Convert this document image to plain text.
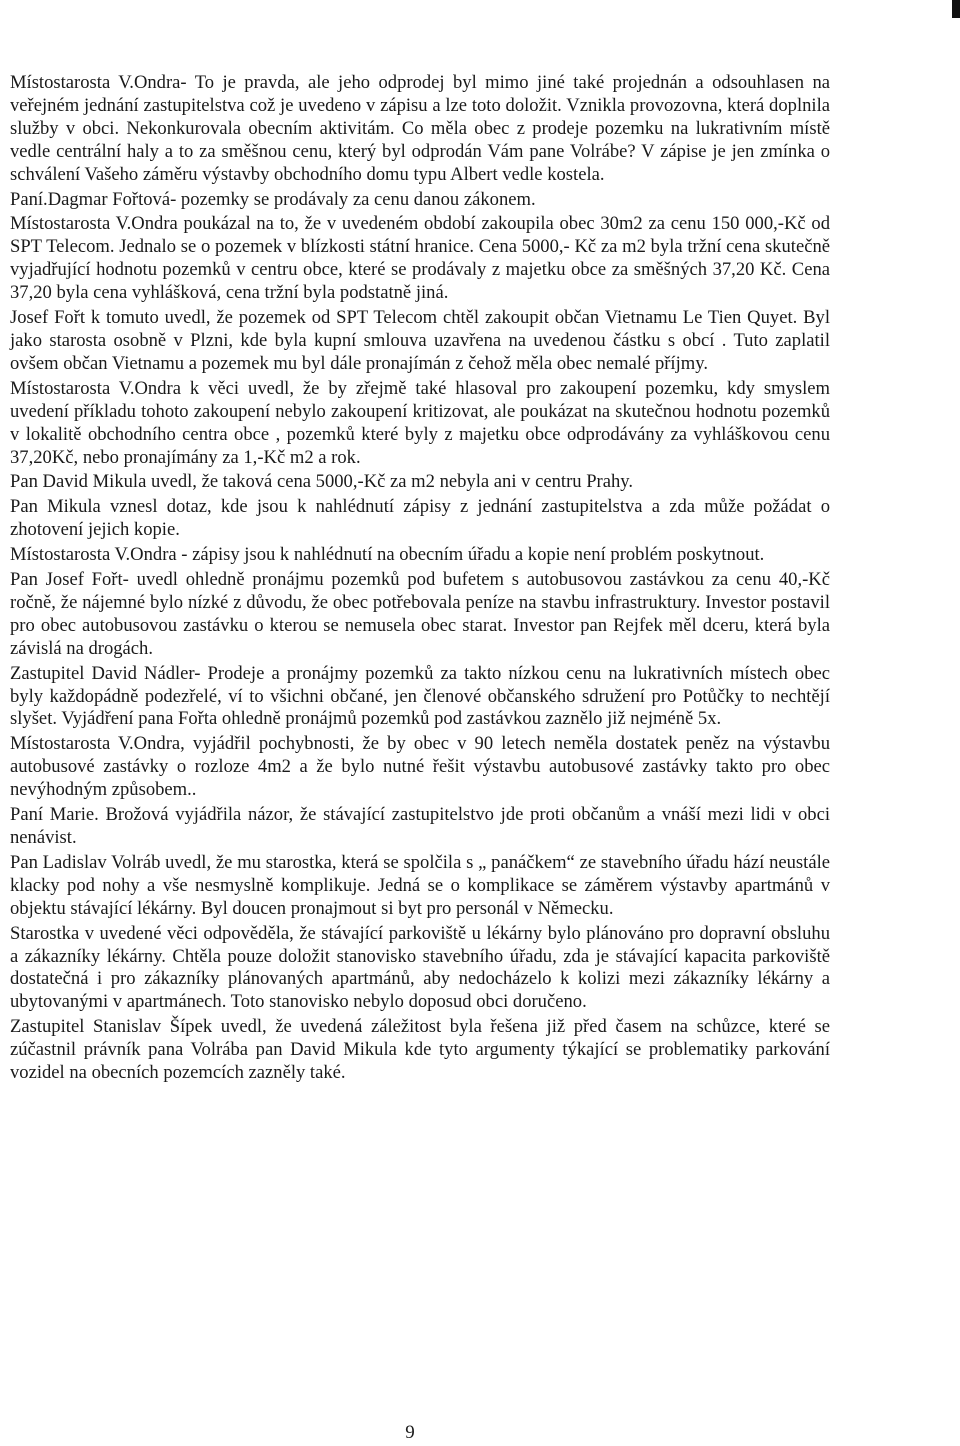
Místostarosta V.Ondra- To je pravda, ale jeho odprodej byl mimo jiné také projednán a odsouhlasen na veřejném jednání zastupitelstva což je uvedeno v zápisu a lze toto doložit. Vznikla provozovna, která doplnila služby v obci. Nekonkurovala obecním aktivitám. Co měla obec z prodeje pozemku na lukrativním místě vedle centrální haly a to za směšnou cenu, který byl odprodán Vám pane Volrábe? V zápise je jen zmínka o schválení Vašeho záměru výstavby obchodního domu typu Albert vedle kostela.

Paní.Dagmar Fořtová- pozemky se prodávaly za cenu danou zákonem.

Místostarosta V.Ondra poukázal na to, že v uvedeném období zakoupila obec 30m2 za cenu 150 000,-Kč od SPT Telecom. Jednalo se o pozemek v blízkosti státní hranice. Cena 5000,- Kč za m2 byla tržní cena skutečně vyjadřující hodnotu pozemků v centru obce, které se prodávaly z majetku obce za směšných 37,20 Kč. Cena 37,20 byla cena vyhlášková, cena tržní byla podstatně jiná.

Josef Fořt k tomuto uvedl, že pozemek od SPT Telecom chtěl zakoupit občan Vietnamu Le Tien Quyet. Byl jako starosta osobně v Plzni, kde byla kupní smlouva uzavřena na uvedenou částku s obcí . Tuto zaplatil ovšem občan Vietnamu a pozemek mu byl dále pronajímán z čehož měla obec nemalé příjmy.

Místostarosta V.Ondra k věci uvedl, že by zřejmě také hlasoval pro zakoupení pozemku, kdy smyslem uvedení příkladu tohoto zakoupení nebylo zakoupení kritizovat, ale poukázat na skutečnou hodnotu pozemků v lokalitě obchodního centra obce , pozemků které byly z majetku obce odprodávány za vyhláškovou cenu 37,20Kč, nebo pronajímány za 1,-Kč m2 a rok.

Pan David Mikula uvedl, že taková cena 5000,-Kč za m2 nebyla ani v centru Prahy.

Pan Mikula vznesl dotaz, kde jsou k nahlédnutí zápisy z jednání zastupitelstva a zda může požádat o zhotovení jejich kopie.

Místostarosta V.Ondra - zápisy jsou k nahlédnutí na obecním úřadu a kopie není problém poskytnout.

Pan Josef Fořt- uvedl ohledně pronájmu pozemků pod bufetem s autobusovou zastávkou za cenu 40,-Kč ročně, že nájemné bylo nízké z důvodu, že obec potřebovala peníze na stavbu infrastruktury. Investor postavil pro obec autobusovou zastávku o kterou se nemusela obec starat. Investor pan Rejfek měl dceru, která byla závislá na drogách.

Zastupitel David Nádler- Prodeje a pronájmy pozemků za takto nízkou cenu na lukrativních místech obec byly každopádně podezřelé, ví to všichni občané, jen členové občanského sdružení pro Potůčky to nechtějí slyšet. Vyjádření pana Fořta ohledně pronájmů pozemků pod zastávkou zaznělo již nejméně 5x.

Místostarosta V.Ondra, vyjádřil pochybnosti, že by obec v 90 letech neměla dostatek peněz na výstavbu autobusové zastávky o rozloze 4m2 a že bylo nutné řešit výstavbu autobusové zastávky takto pro obec nevýhodným způsobem..

Paní Marie. Brožová vyjádřila názor, že stávající zastupitelstvo jde proti občanům a vnáší mezi lidi v obci nenávist.

Pan Ladislav Volráb uvedl, že mu starostka, která se spolčila s „ panáčkem“ ze stavebního úřadu hází neustále klacky pod nohy a vše nesmyslně komplikuje. Jedná se o komplikace se záměrem výstavby apartmánů v objektu stávající lékárny. Byl doucen pronajmout si byt pro personál v Německu.

Starostka v uvedené věci odpověděla, že stávající parkoviště u lékárny bylo plánováno pro dopravní obsluhu a zákazníky lékárny. Chtěla pouze doložit stanovisko stavebního úřadu, zda je stávající kapacita parkoviště dostatečná i pro zákazníky plánovaných apartmánů, aby nedocházelo k kolizi mezi zákazníky lékárny a ubytovanými v apartmánech. Toto stanovisko nebylo doposud obci doručeno.

Zastupitel Stanislav Šípek uvedl, že uvedená záležitost byla řešena již před časem na schůzce, které se zúčastnil právník pana Volrába pan David Mikula kde tyto argumenty týkající se problematiky parkování vozidel na obecních pozemcích zazněly také.

9
